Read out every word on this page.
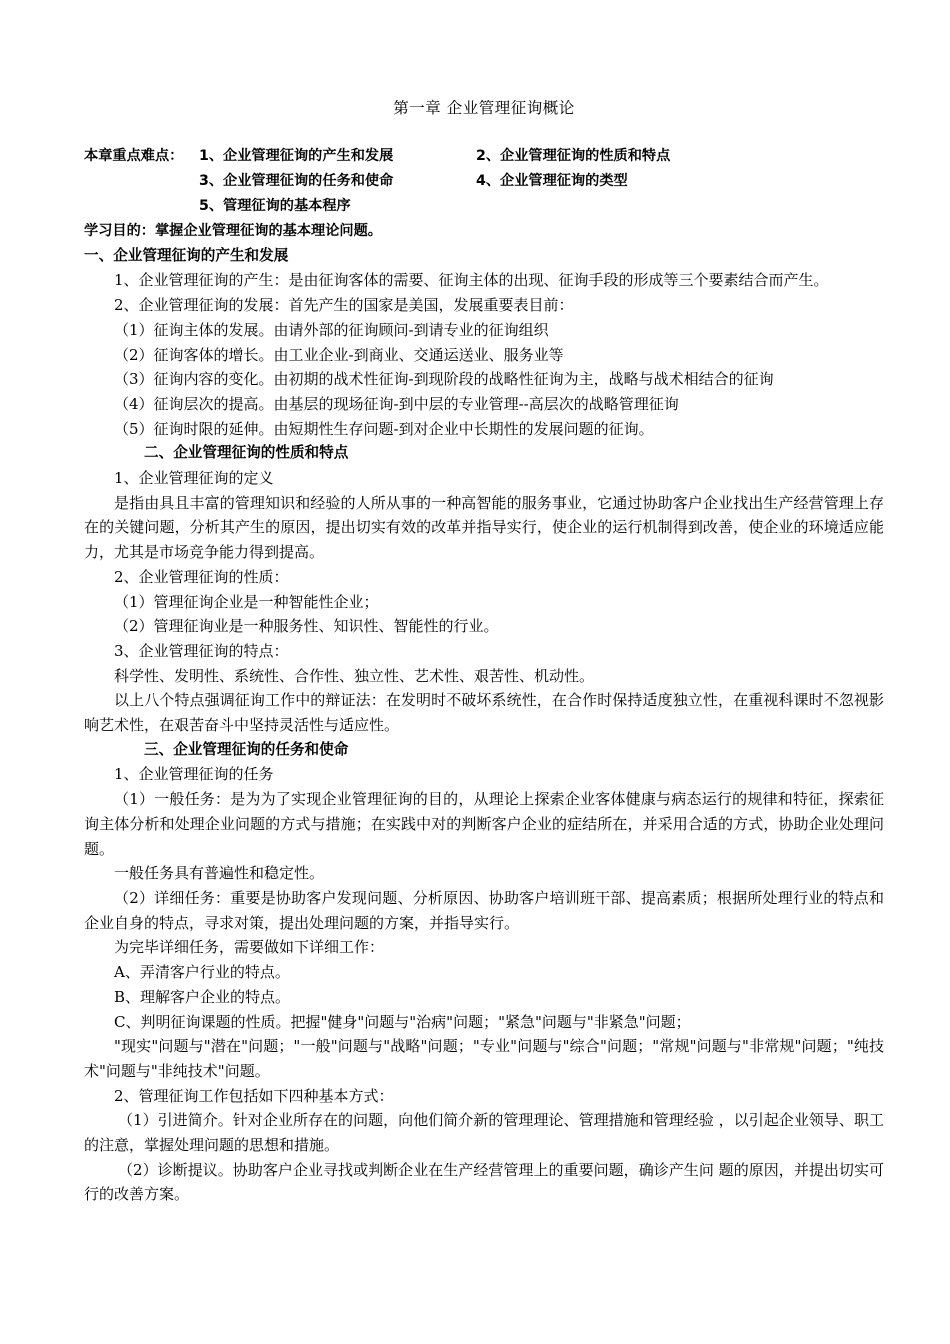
第一章 企业管理征询概论
本章重点难点： 1、企业管理征询的产生和发展	2、企业管理征询的性质和特点
3、企业管理征询的任务和使命	4、企业管理征询的类型
5、管理征询的基本程序
学习目的：掌握企业管理征询的基本理论问题。
一、企业管理征询的产生和发展

1、企业管理征询的产生：是由征询客体的需要、征询主体的出现、征询手段的形成等三个要素结合而产生。

2、企业管理征询的发展：首先产生的国家是美国，发展重要表目前：

（1）征询主体的发展。由请外部的征询顾问-到请专业的征询组织

（2）征询客体的增长。由工业企业-到商业、交通运送业、服务业等

（3）征询内容的变化。由初期的战术性征询-到现阶段的战略性征询为主，战略与战术相结合的征询

（4）征询层次的提高。由基层的现场征询-到中层的专业管理--高层次的战略管理征询

（5）征询时限的延伸。由短期性生存问题-到对企业中长期性的发展问题的征询。

二、企业管理征询的性质和特点

1、企业管理征询的定义

是指由具且丰富的管理知识和经验的人所从事的一种高智能的服务事业，它通过协助客户企业找出生产经营管理上存在的关键问题，分析其产生的原因，提出切实有效的改革并指导实行，使企业的运行机制得到改善，使企业的环境适应能力，尤其是市场竞争能力得到提高。

2、企业管理征询的性质：

（1）管理征询企业是一种智能性企业；

（2）管理征询业是一种服务性、知识性、智能性的行业。

3、企业管理征询的特点：

科学性、发明性、系统性、合作性、独立性、艺术性、艰苦性、机动性。

以上八个特点强调征询工作中的辩证法：在发明时不破坏系统性，在合作时保持适度独立性，在重视科课时不忽视影响艺术性，在艰苦奋斗中坚持灵活性与适应性。

三、企业管理征询的任务和使命

1、企业管理征询的任务

（1）一般任务：是为为了实现企业管理征询的目的，从理论上探索企业客体健康与病态运行的规律和特征，探索征询主体分析和处理企业问题的方式与措施；在实践中对的判断客户企业的症结所在，并采用合适的方式，协助企业处理问题。

一般任务具有普遍性和稳定性。

（2）详细任务：重要是协助客户发现问题、分析原因、协助客户培训班干部、提高素质；根据所处理行业的特点和企业自身的特点，寻求对策，提出处理问题的方案，并指导实行。

为完毕详细任务，需要做如下详细工作：

A、弄清客户行业的特点。

B、理解客户企业的特点。

C、判明征询课题的性质。把握"健身"问题与"治病"问题；"紧急"问题与"非紧急"问题；

"现实"问题与"潜在"问题；"一般"问题与"战略"问题；"专业"问题与"综合"问题；"常规"问题与"非常规"问题；"纯技术"问题与"非纯技术"问题。

2、管理征询工作包括如下四种基本方式：

（1）引进简介。针对企业所存在的问题，向他们简介新的管理理论、管理措施和管理经验 ，以引起企业领导、职工的注意，掌握处理问题的思想和措施。

（2）诊断提议。协助客户企业寻找或判断企业在生产经营管理上的重要问题，确诊产生问 题的原因，并提出切实可行的改善方案。
